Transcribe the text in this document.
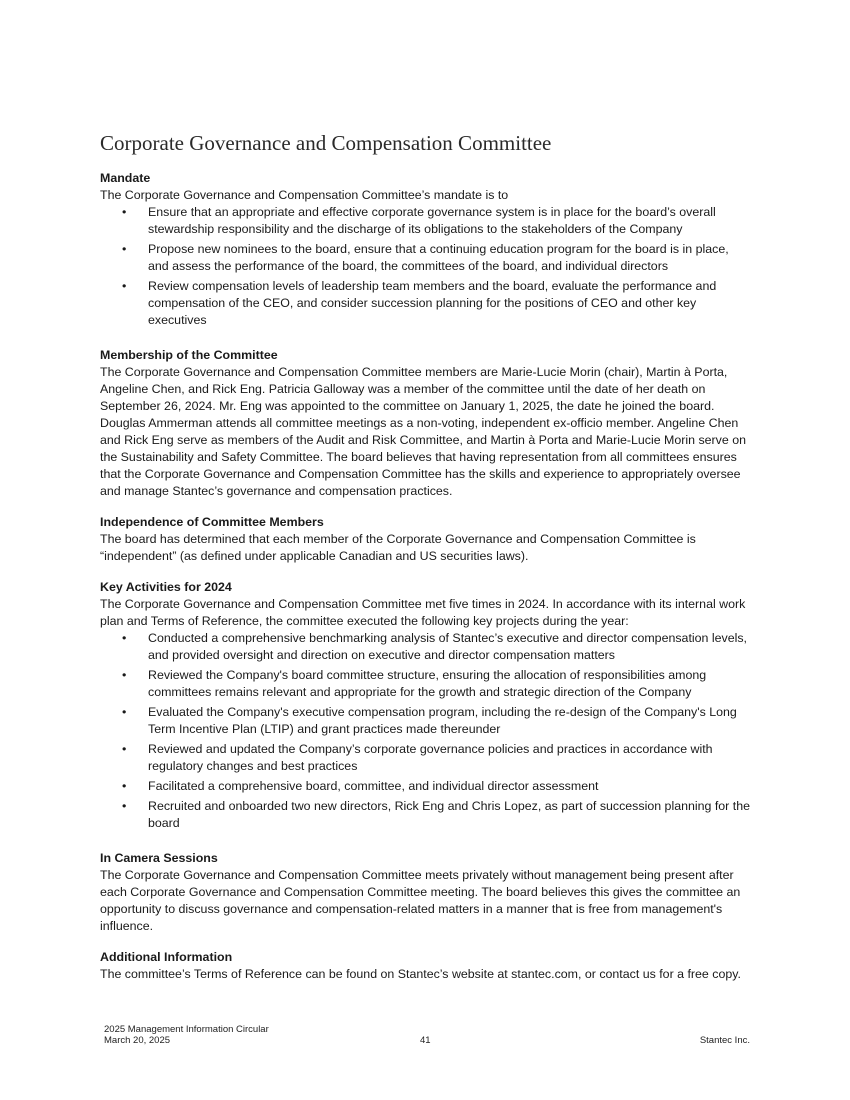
Corporate Governance and Compensation Committee

Mandate

The Corporate Governance and Compensation Committee’s mandate is to

• Ensure that an appropriate and effective corporate governance system is in place for the board’s overall stewardship responsibility and the discharge of its obligations to the stakeholders of the Company
• Propose new nominees to the board, ensure that a continuing education program for the board is in place, and assess the performance of the board, the committees of the board, and individual directors
• Review compensation levels of leadership team members and the board, evaluate the performance and compensation of the CEO, and consider succession planning for the positions of CEO and other key executives

Membership of the Committee

The Corporate Governance and Compensation Committee members are Marie-Lucie Morin (chair), Martin à Porta, Angeline Chen, and Rick Eng. Patricia Galloway was a member of the committee until the date of her death on September 26, 2024. Mr. Eng was appointed to the committee on January 1, 2025, the date he joined the board. Douglas Ammerman attends all committee meetings as a non-voting, independent ex-officio member. Angeline Chen and Rick Eng serve as members of the Audit and Risk Committee, and Martin à Porta and Marie-Lucie Morin serve on the Sustainability and Safety Committee. The board believes that having representation from all committees ensures that the Corporate Governance and Compensation Committee has the skills and experience to appropriately oversee and manage Stantec’s governance and compensation practices.

Independence of Committee Members

The board has determined that each member of the Corporate Governance and Compensation Committee is “independent” (as defined under applicable Canadian and US securities laws).

Key Activities for 2024

The Corporate Governance and Compensation Committee met five times in 2024. In accordance with its internal work plan and Terms of Reference, the committee executed the following key projects during the year:

• Conducted a comprehensive benchmarking analysis of Stantec’s executive and director compensation levels, and provided oversight and direction on executive and director compensation matters
• Reviewed the Company's board committee structure, ensuring the allocation of responsibilities among committees remains relevant and appropriate for the growth and strategic direction of the Company
• Evaluated the Company's executive compensation program, including the re-design of the Company's Long Term Incentive Plan (LTIP) and grant practices made thereunder
• Reviewed and updated the Company’s corporate governance policies and practices in accordance with regulatory changes and best practices
• Facilitated a comprehensive board, committee, and individual director assessment
• Recruited and onboarded two new directors, Rick Eng and Chris Lopez, as part of succession planning for the board

In Camera Sessions

The Corporate Governance and Compensation Committee meets privately without management being present after each Corporate Governance and Compensation Committee meeting. The board believes this gives the committee an opportunity to discuss governance and compensation-related matters in a manner that is free from management's influence.

Additional Information

The committee’s Terms of Reference can be found on Stantec’s website at stantec.com, or contact us for a free copy.

2025 Management Information Circular
March 20, 2025	41	Stantec Inc.
